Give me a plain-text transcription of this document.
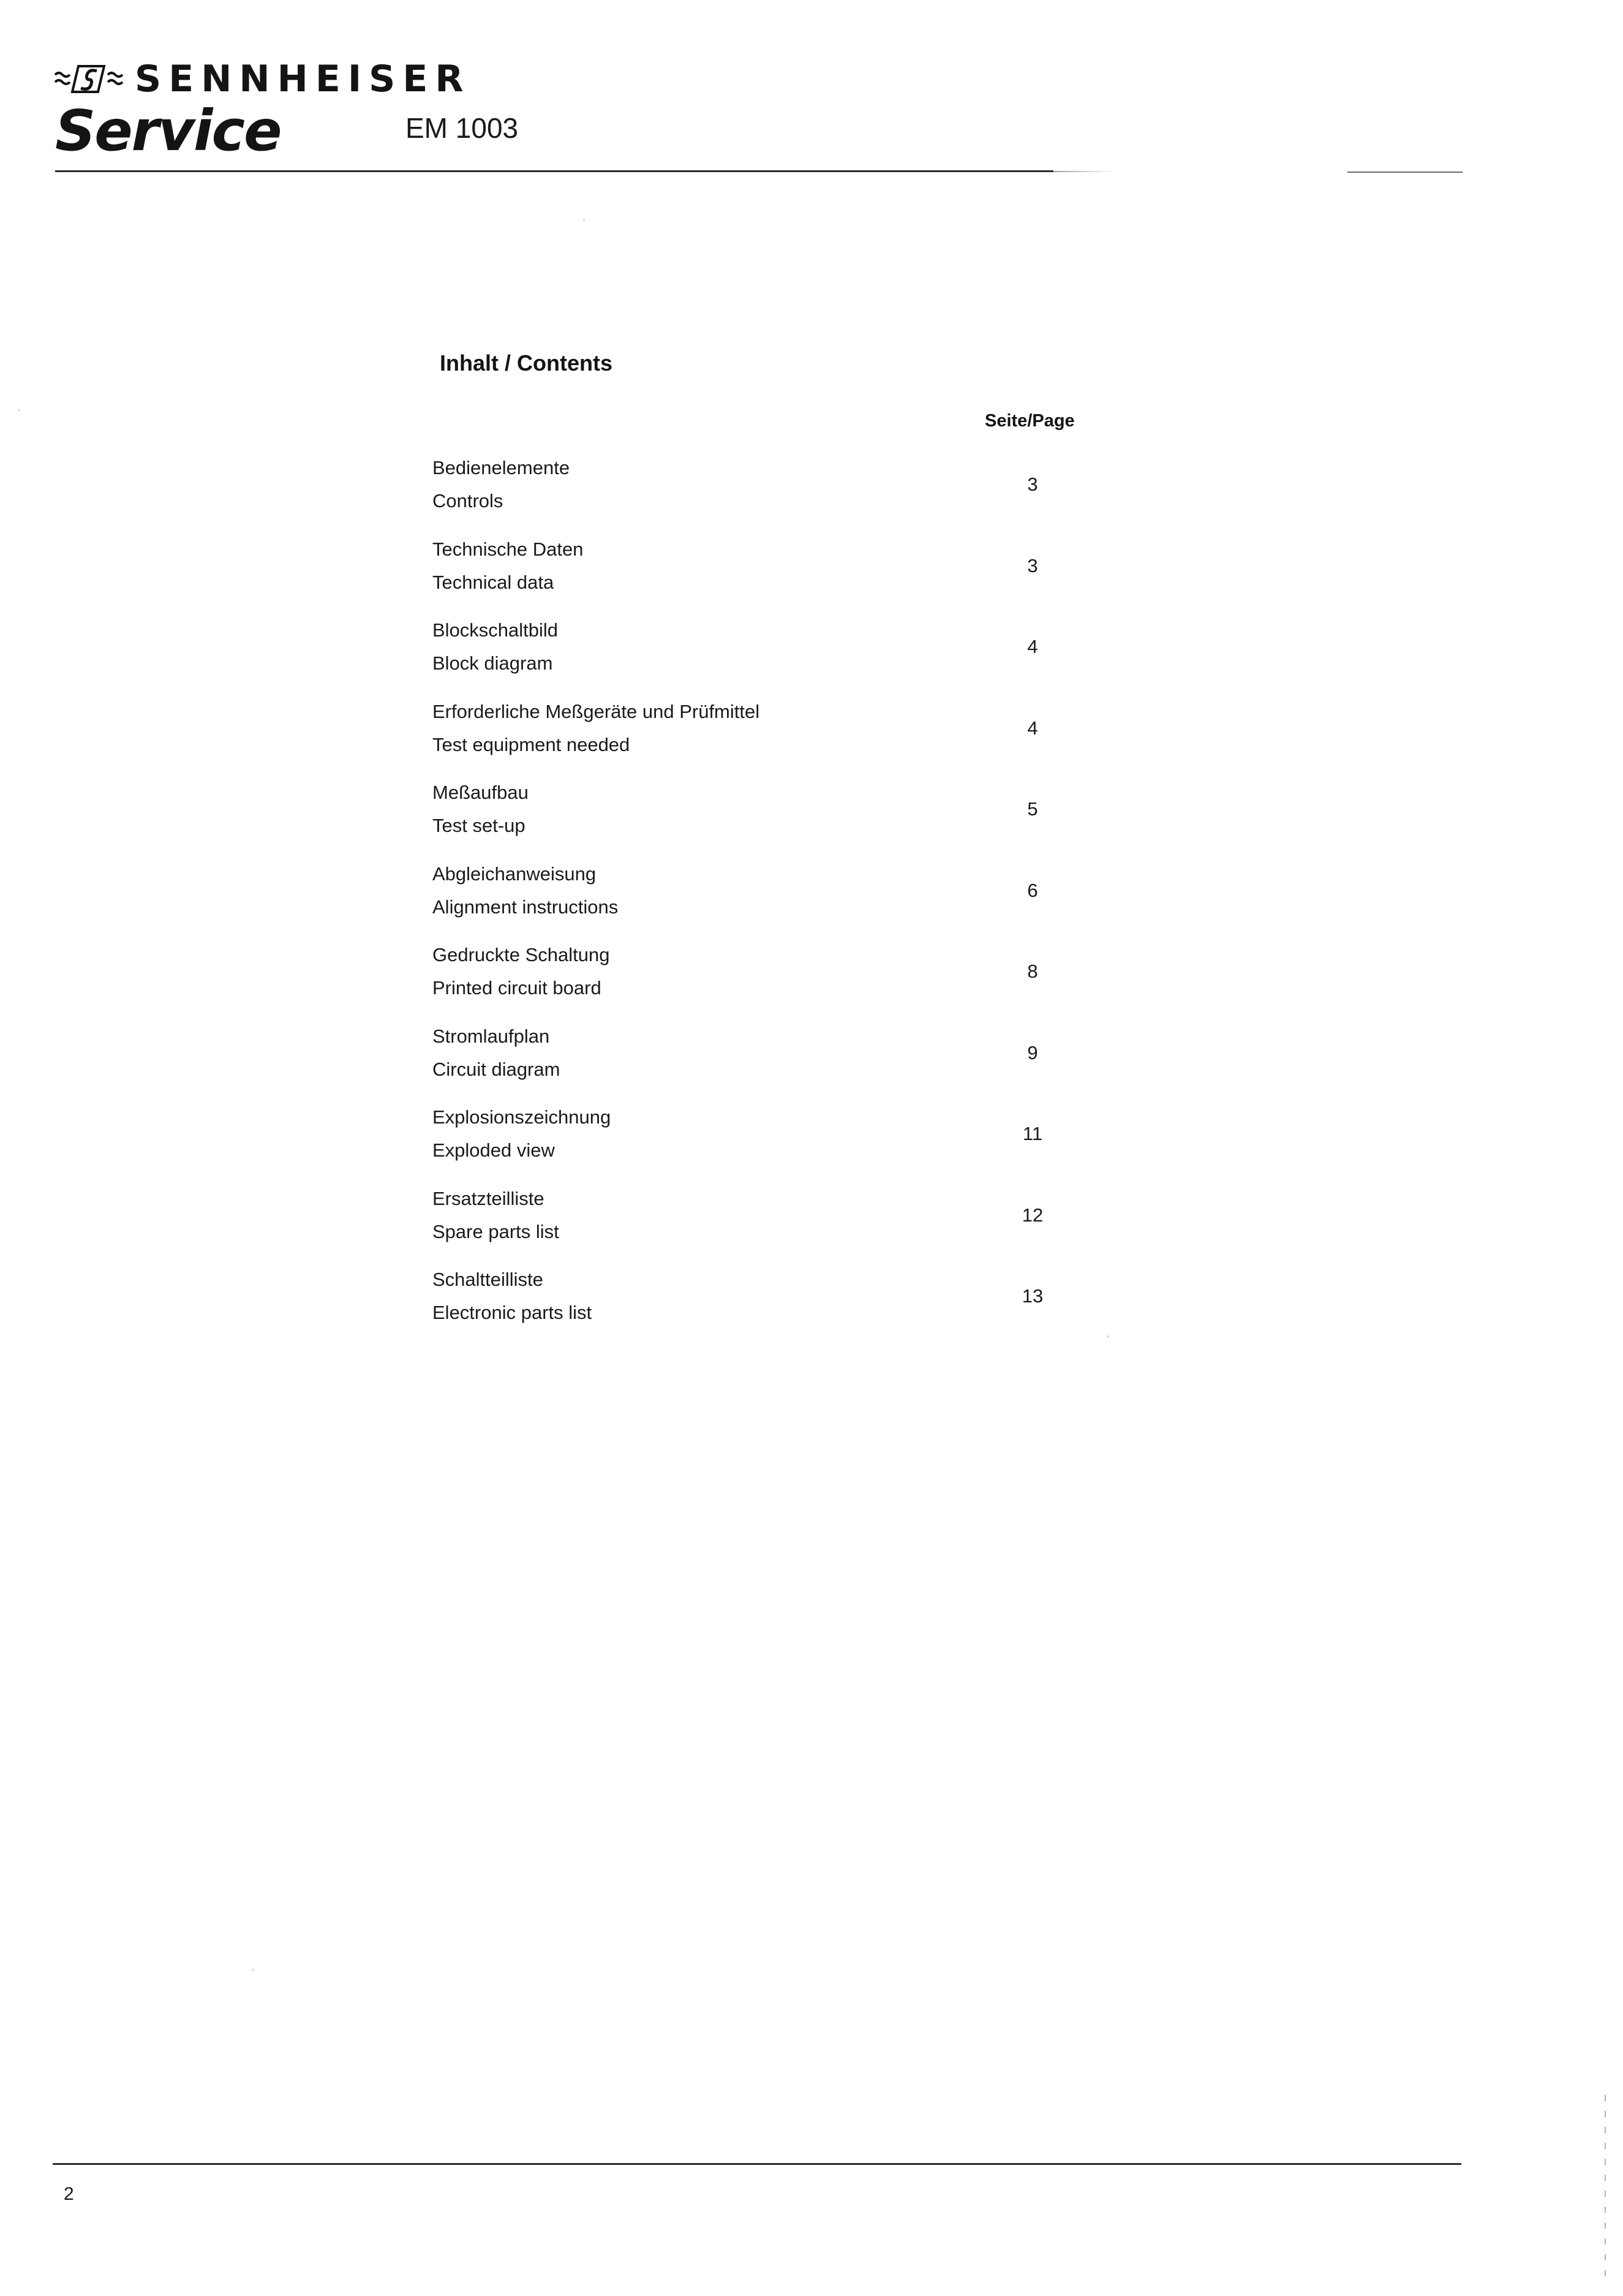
SENNHEISER
Service	EM 1003
Inhalt / Contents
Seite/Page
Bedienelemente
Controls
3
Technische Daten
Technical data
3
Blockschaltbild
Block diagram
4
Erforderliche Meßgeräte und Prüfmittel
Test equipment needed
4
Meßaufbau
Test set-up
5
Abgleichanweisung
Alignment instructions
6
Gedruckte Schaltung
Printed circuit board
8
Stromlaufplan
Circuit diagram
9
Explosionszeichnung
Exploded view
11
Ersatzteilliste
Spare parts list
12
Schaltteilliste
Electronic parts list
13
2
